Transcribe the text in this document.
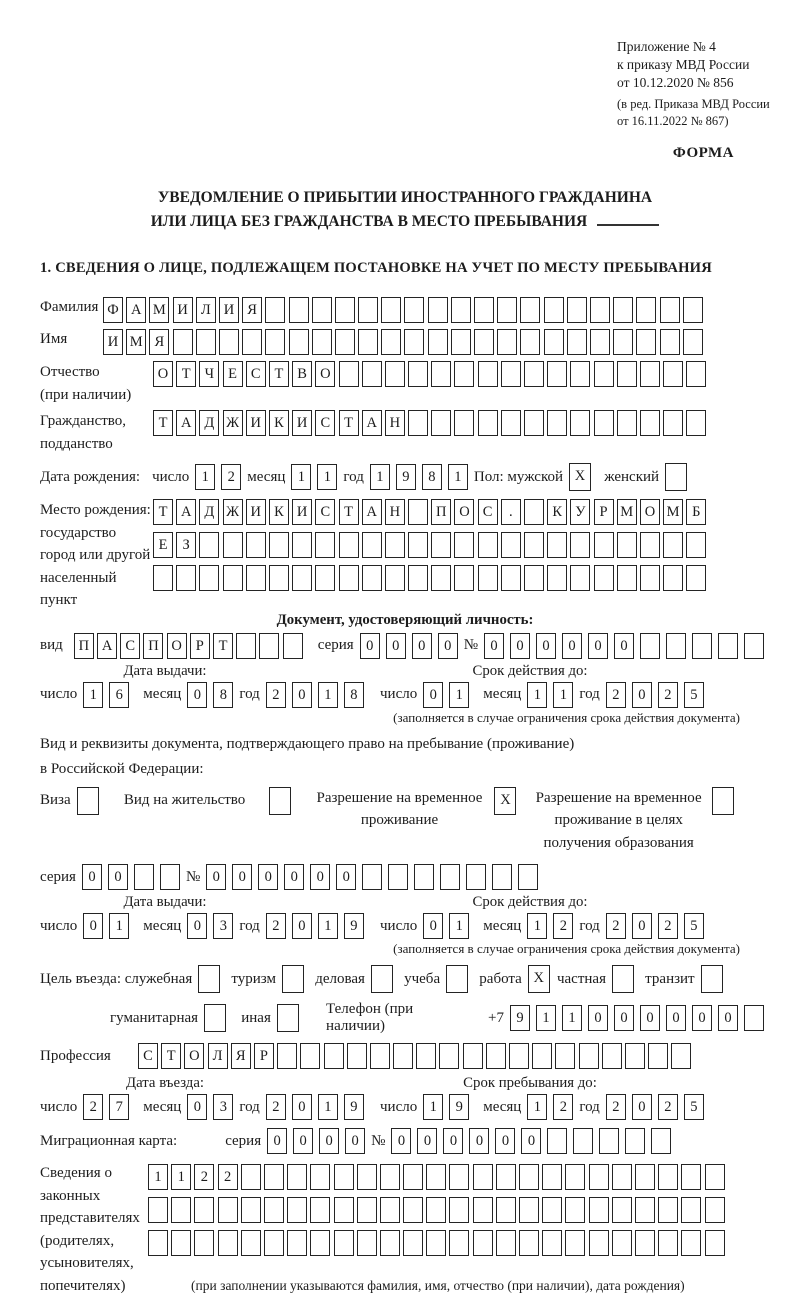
Приложение № 4
к приказу МВД России
от 10.12.2020 № 856
(в ред. Приказа МВД России
от 16.11.2022 № 867)
ФОРМА
УВЕДОМЛЕНИЕ О ПРИБЫТИИ ИНОСТРАННОГО ГРАЖДАНИНА
ИЛИ ЛИЦА БЕЗ ГРАЖДАНСТВА В МЕСТО ПРЕБЫВАНИЯ
1. СВЕДЕНИЯ О ЛИЦЕ, ПОДЛЕЖАЩЕМ ПОСТАНОВКЕ НА УЧЕТ ПО МЕСТУ ПРЕБЫВАНИЯ
Фамилия Ф А М И Л И Я
Имя	И М Я
Отчество
(при наличии)
О Т Ч Е С Т В О
Гражданство,
подданство
Т А Д Ж И К И С Т А Н
Дата рождения: число 1	2 месяц 1	1 год 1	9	8	1 Пол: мужской X	женский
Место рождения:
государство
город или другой
населенный пункт
Т А Д Ж И К И С Т А Н	П О С	.	К У Р М О М Б
Е	З
Документ, удостоверяющий личность:
вид	П А С П О Р	Т	серия 0	0	0	0 № 0	0	0	0	0	0
Дата выдачи:
число 1	6	месяц 0	8 год 2	0	1	8
Срок действия до:
число 0	1	месяц 1	1 год 2	0	2	5
(заполняется в случае ограничения срока действия документа)
Вид и реквизиты документа, подтверждающего право на пребывание (проживание)
в Российской Федерации:
Виза	Вид на жительство	Разрешение на временное
проживание
X	Разрешение на временное
проживание в целях
получения образования
серия 0	0	№ 0	0	0	0	0	0
Дата выдачи:
число 0	1	месяц 0	3 год 2	0	1	9
Срок действия до:
число 0	1	месяц 1	2 год 2	0	2	5
(заполняется в случае ограничения срока действия документа)
Цель въезда: служебная	туризм	деловая	учеба	работа X частная	транзит
гуманитарная	иная
Телефон (при наличии)
+7 9	1	1	0	0	0	0	0	0
Профессия	С Т О Л Я Р
Дата въезда:
число 2	7	месяц 0	3 год 2	0	1	9
Срок пребывания до:
число 1	9	месяц 1	2 год 2	0	2	5
Миграционная карта:	серия 0	0	0	0 № 0	0	0	0	0	0
Сведения о
законных
представителях
(родителях,
усыновителях,
попечителях)
1	1	2	2
(при заполнении указываются фамилия, имя, отчество (при наличии), дата рождения)
